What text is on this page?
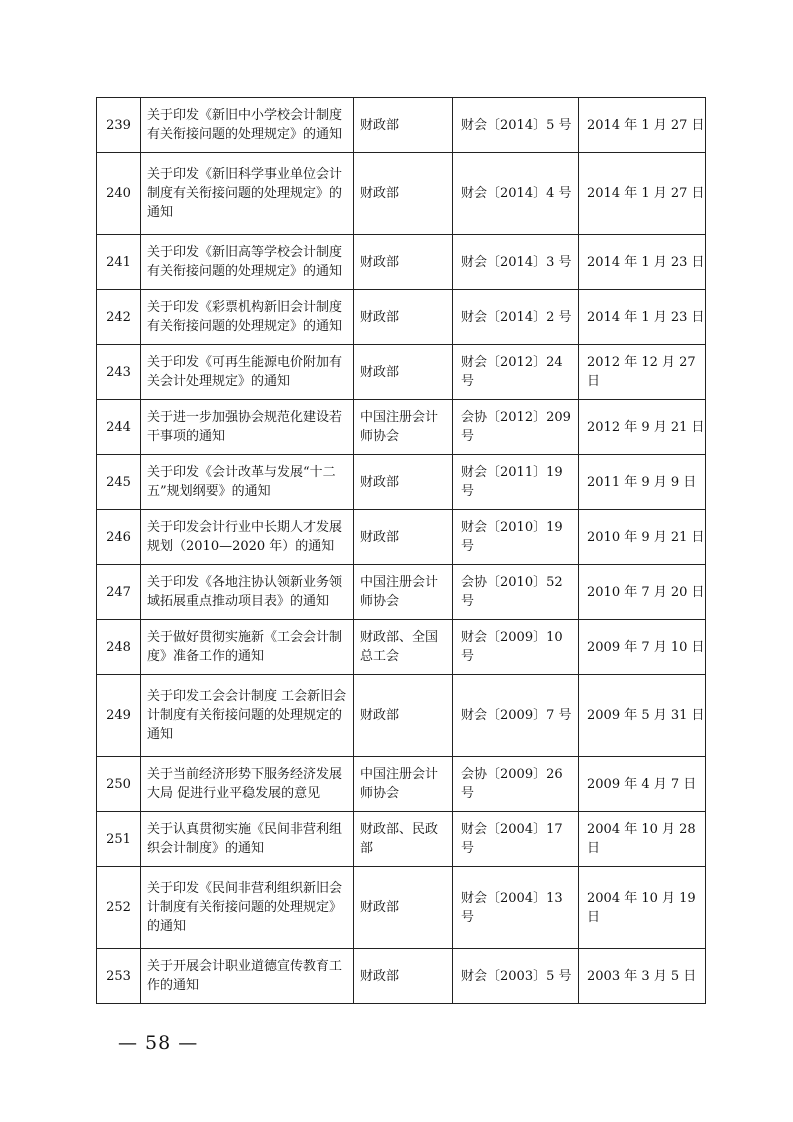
239	关于印发《新旧中小学校会计制度有关衔接问题的处理规定》的通知	财政部	财会〔2014〕5 号	2014 年 1 月 27 日
240	关于印发《新旧科学事业单位会计制度有关衔接问题的处理规定》的通知	财政部	财会〔2014〕4 号	2014 年 1 月 27 日
241	关于印发《新旧高等学校会计制度有关衔接问题的处理规定》的通知	财政部	财会〔2014〕3 号	2014 年 1 月 23 日
242	关于印发《彩票机构新旧会计制度有关衔接问题的处理规定》的通知	财政部	财会〔2014〕2 号	2014 年 1 月 23 日
243	关于印发《可再生能源电价附加有关会计处理规定》的通知	财政部	财会〔2012〕24 号	2012 年 12 月 27 日
244	关于进一步加强协会规范化建设若干事项的通知	中国注册会计师协会	会协〔2012〕209 号	2012 年 9 月 21 日
245	关于印发《会计改革与发展“十二五”规划纲要》的通知	财政部	财会〔2011〕19 号	2011 年 9 月 9 日
246	关于印发会计行业中长期人才发展规划（2010—2020 年）的通知	财政部	财会〔2010〕19 号	2010 年 9 月 21 日
247	关于印发《各地注协认领新业务领域拓展重点推动项目表》的通知	中国注册会计师协会	会协〔2010〕52 号	2010 年 7 月 20 日
248	关于做好贯彻实施新《工会会计制度》准备工作的通知	财政部、全国总工会	财会〔2009〕10 号	2009 年 7 月 10 日
249	关于印发工会会计制度 工会新旧会计制度有关衔接问题的处理规定的通知	财政部	财会〔2009〕7 号	2009 年 5 月 31 日
250	关于当前经济形势下服务经济发展大局 促进行业平稳发展的意见	中国注册会计师协会	会协〔2009〕26 号	2009 年 4 月 7 日
251	关于认真贯彻实施《民间非营利组织会计制度》的通知	财政部、民政部	财会〔2004〕17 号	2004 年 10 月 28 日
252	关于印发《民间非营利组织新旧会计制度有关衔接问题的处理规定》的通知	财政部	财会〔2004〕13 号	2004 年 10 月 19 日
253	关于开展会计职业道德宣传教育工作的通知	财政部	财会〔2003〕5 号	2003 年 3 月 5 日
— 58 —
